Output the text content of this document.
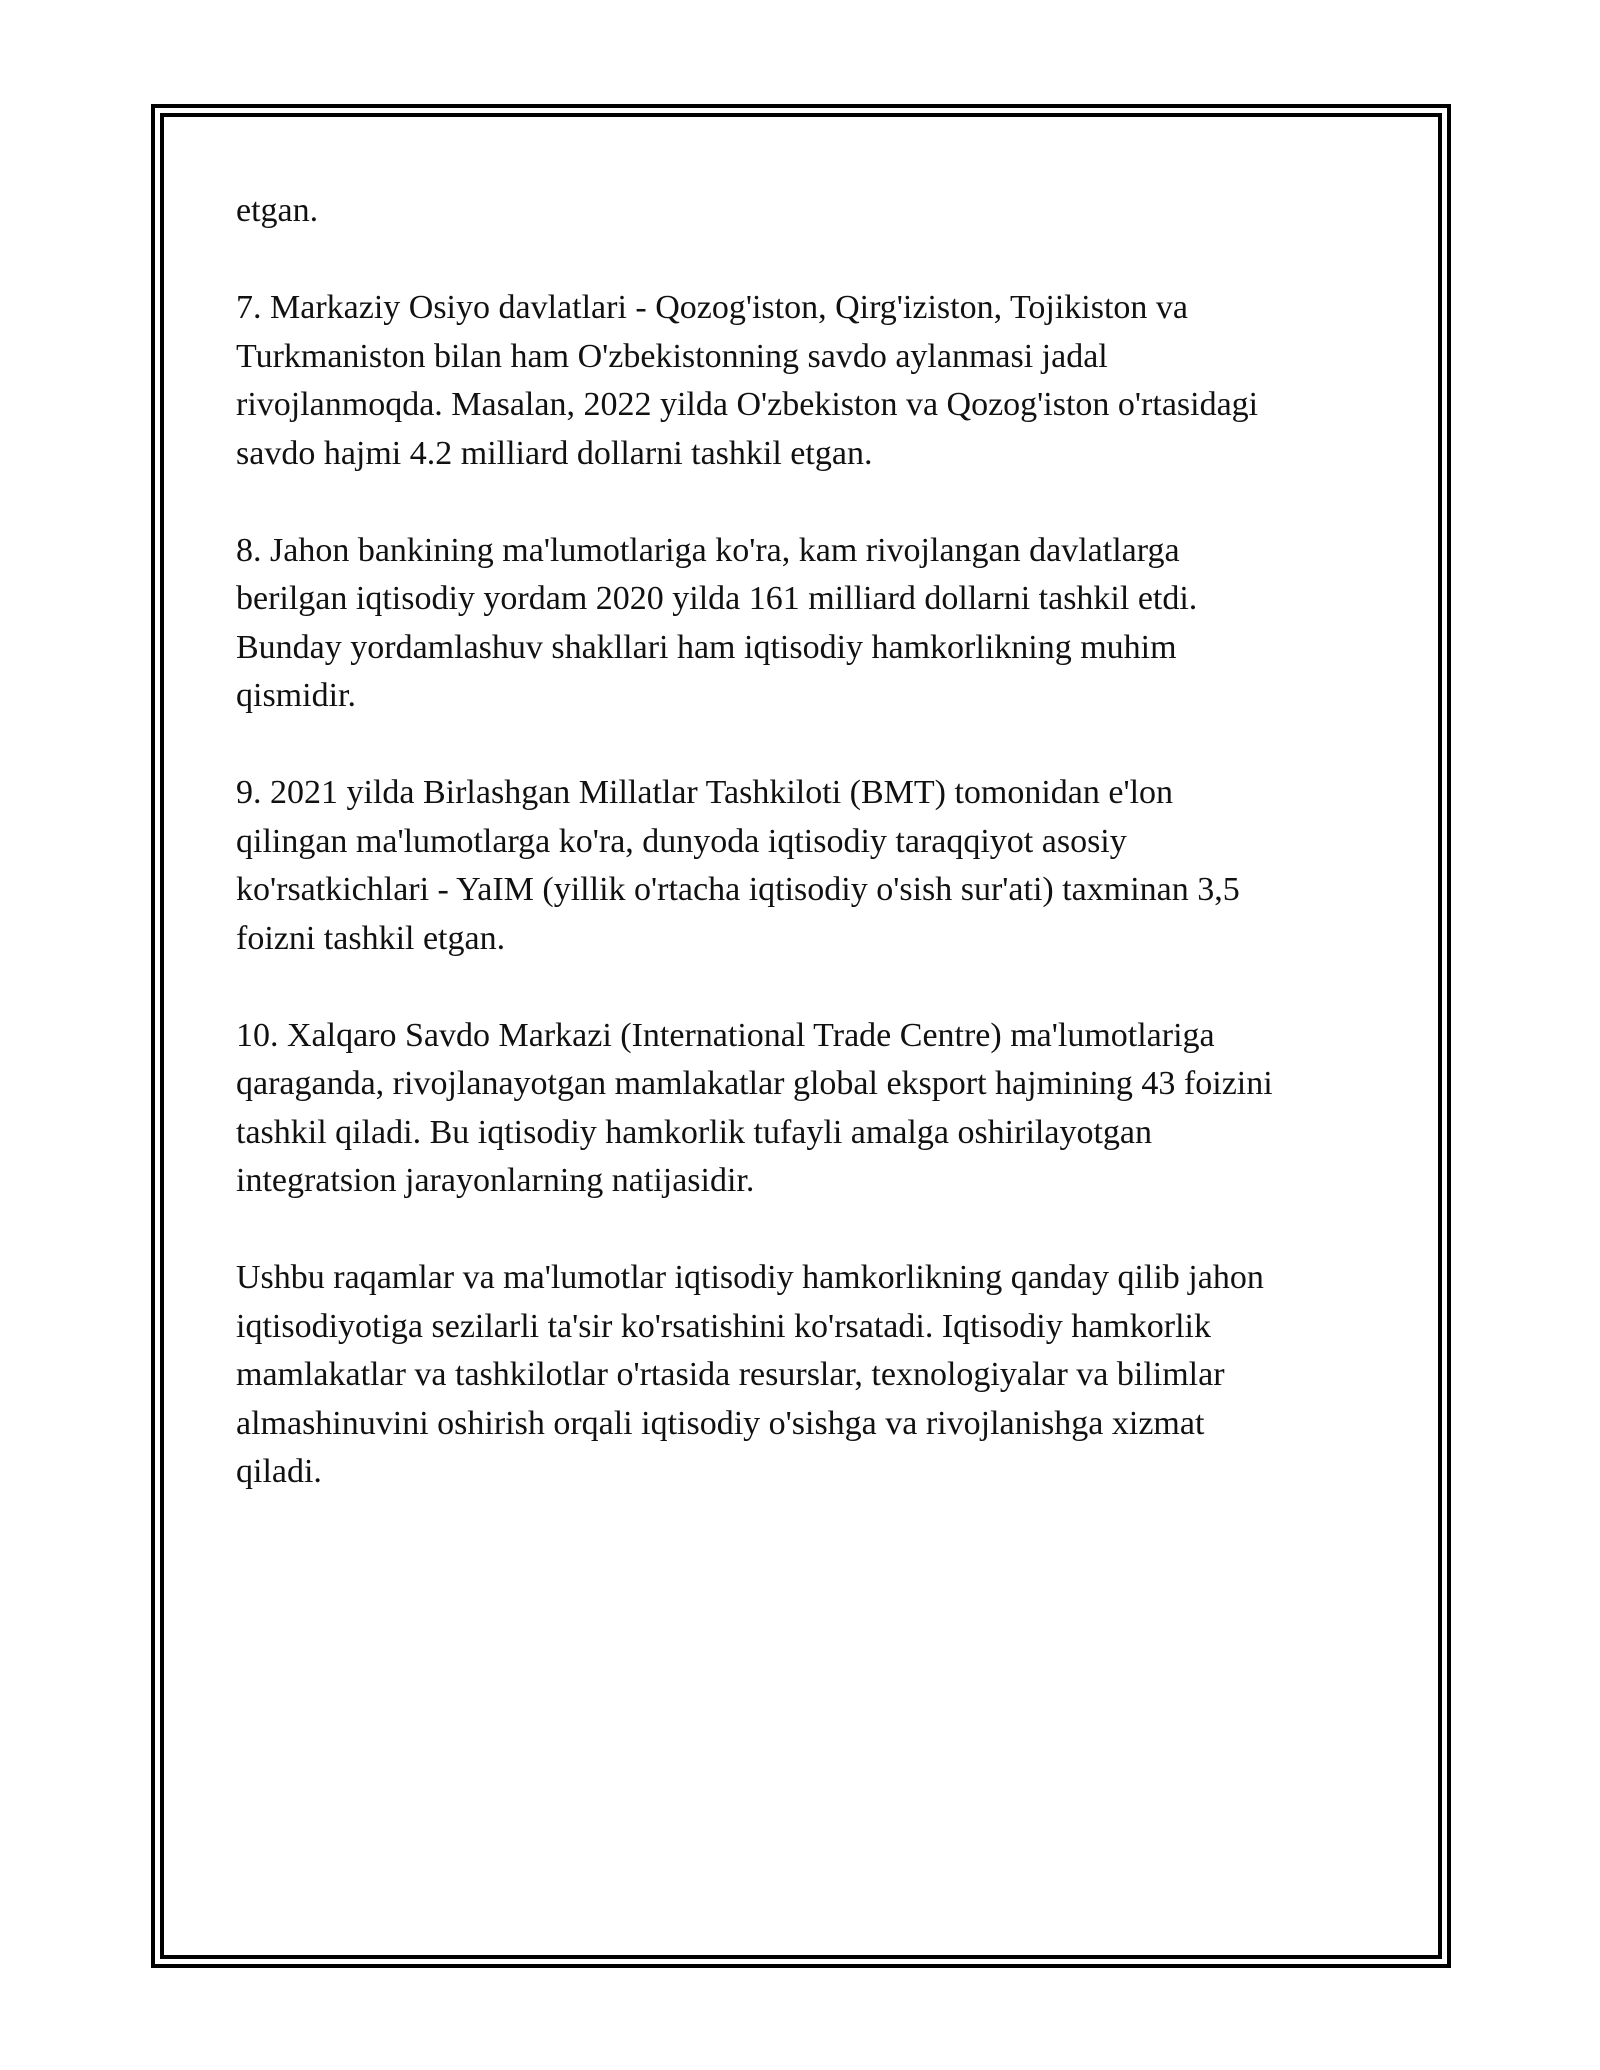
etgan.

7. Markaziy Osiyo davlatlari - Qozog'iston, Qirg'iziston, Tojikiston va
Turkmaniston bilan ham O'zbekistonning savdo aylanmasi jadal
rivojlanmoqda. Masalan, 2022 yilda O'zbekiston va Qozog'iston o'rtasidagi
savdo hajmi 4.2 milliard dollarni tashkil etgan.

8. Jahon bankining ma'lumotlariga ko'ra, kam rivojlangan davlatlarga
berilgan iqtisodiy yordam 2020 yilda 161 milliard dollarni tashkil etdi.
Bunday yordamlashuv shakllari ham iqtisodiy hamkorlikning muhim
qismidir.

9. 2021 yilda Birlashgan Millatlar Tashkiloti (BMT) tomonidan e'lon
qilingan ma'lumotlarga ko'ra, dunyoda iqtisodiy taraqqiyot asosiy
ko'rsatkichlari - YaIM (yillik o'rtacha iqtisodiy o'sish sur'ati) taxminan 3,5
foizni tashkil etgan.

10. Xalqaro Savdo Markazi (International Trade Centre) ma'lumotlariga
qaraganda, rivojlanayotgan mamlakatlar global eksport hajmining 43 foizini
tashkil qiladi. Bu iqtisodiy hamkorlik tufayli amalga oshirilayotgan
integratsion jarayonlarning natijasidir.

Ushbu raqamlar va ma'lumotlar iqtisodiy hamkorlikning qanday qilib jahon
iqtisodiyotiga sezilarli ta'sir ko'rsatishini ko'rsatadi. Iqtisodiy hamkorlik
mamlakatlar va tashkilotlar o'rtasida resurslar, texnologiyalar va bilimlar
almashinuvini oshirish orqali iqtisodiy o'sishga va rivojlanishga xizmat
qiladi.
